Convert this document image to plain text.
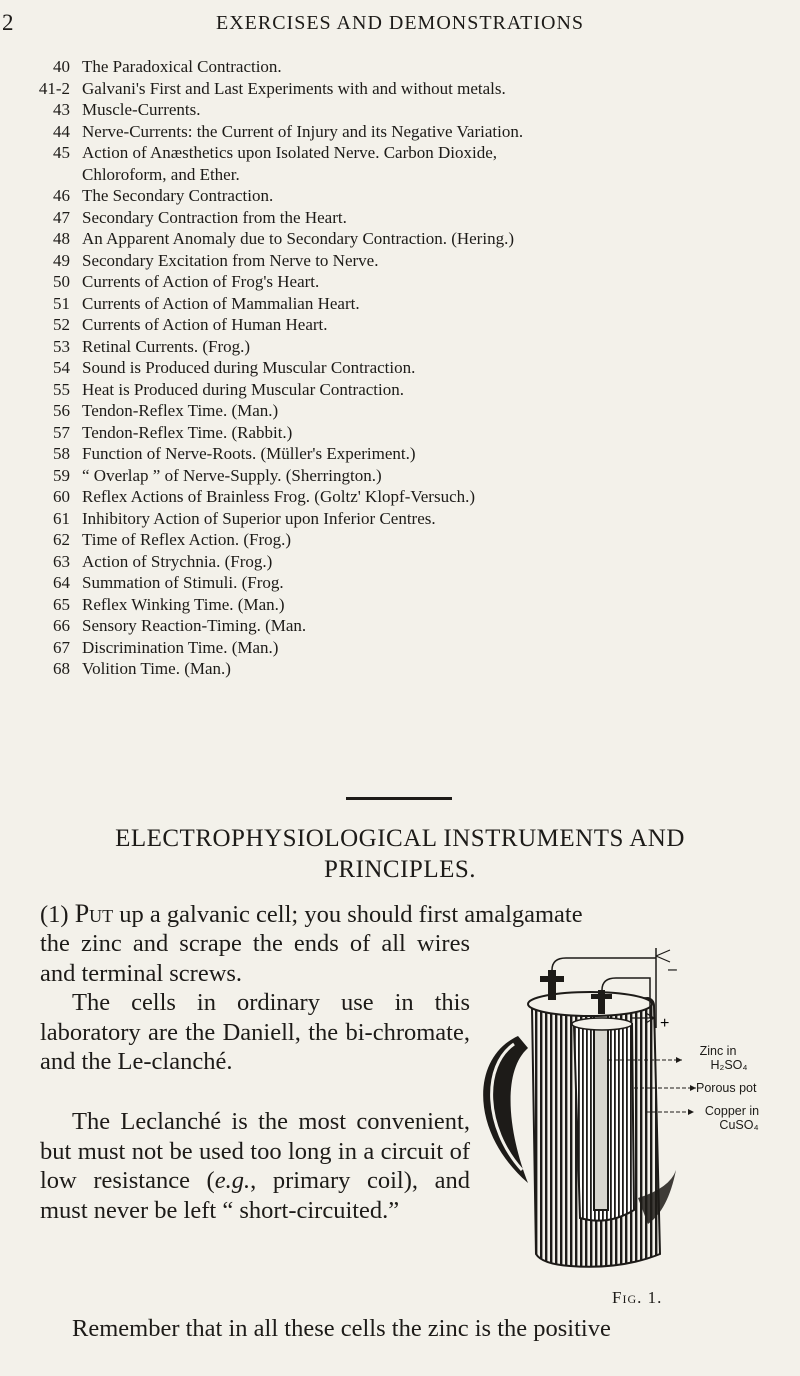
2	EXERCISES AND DEMONSTRATIONS
40 The Paradoxical Contraction.
41-2 Galvani's First and Last Experiments with and without metals.
43 Muscle-Currents.
44 Nerve-Currents: the Current of Injury and its Negative Variation.
45 Action of Anæsthetics upon Isolated Nerve. Carbon Dioxide,
Chloroform, and Ether.
46 The Secondary Contraction.
47 Secondary Contraction from the Heart.
48 An Apparent Anomaly due to Secondary Contraction. (Hering.)
49 Secondary Excitation from Nerve to Nerve.
50 Currents of Action of Frog's Heart.
51 Currents of Action of Mammalian Heart.
52 Currents of Action of Human Heart.
53 Retinal Currents. (Frog.)
54 Sound is Produced during Muscular Contraction.
55 Heat is Produced during Muscular Contraction.
56 Tendon-Reflex Time. (Man.)
57 Tendon-Reflex Time. (Rabbit.)
58 Function of Nerve-Roots. (Müller's Experiment.)
59 “ Overlap ” of Nerve-Supply. (Sherrington.)
60 Reflex Actions of Brainless Frog. (Goltz' Klopf-Versuch.)
61 Inhibitory Action of Superior upon Inferior Centres.
62 Time of Reflex Action. (Frog.)
63 Action of Strychnia. (Frog.)
64 Summation of Stimuli. (Frog.
65 Reflex Winking Time. (Man.)
66 Sensory Reaction-Timing. (Man.
67 Discrimination Time. (Man.)
68 Volition Time. (Man.)
ELECTROPHYSIOLOGICAL INSTRUMENTS AND
PRINCIPLES.
(1) Put up a galvanic cell; you should first amalgamate
the zinc and scrape the ends of all wires and terminal screws.
The cells in ordinary use in this laboratory are the Daniell, the bi-chromate, and the Le-clanché.
The Leclanché is the most convenient, but must not be used too long in a circuit of low resistance (e.g., primary coil), and must never be left “ short-circuited.”
Remember that in all these cells the zinc is the positive
–
+
Zinc in
H₂SO₄
Porous pot
Copper in
CuSO₄
Fig. 1.
